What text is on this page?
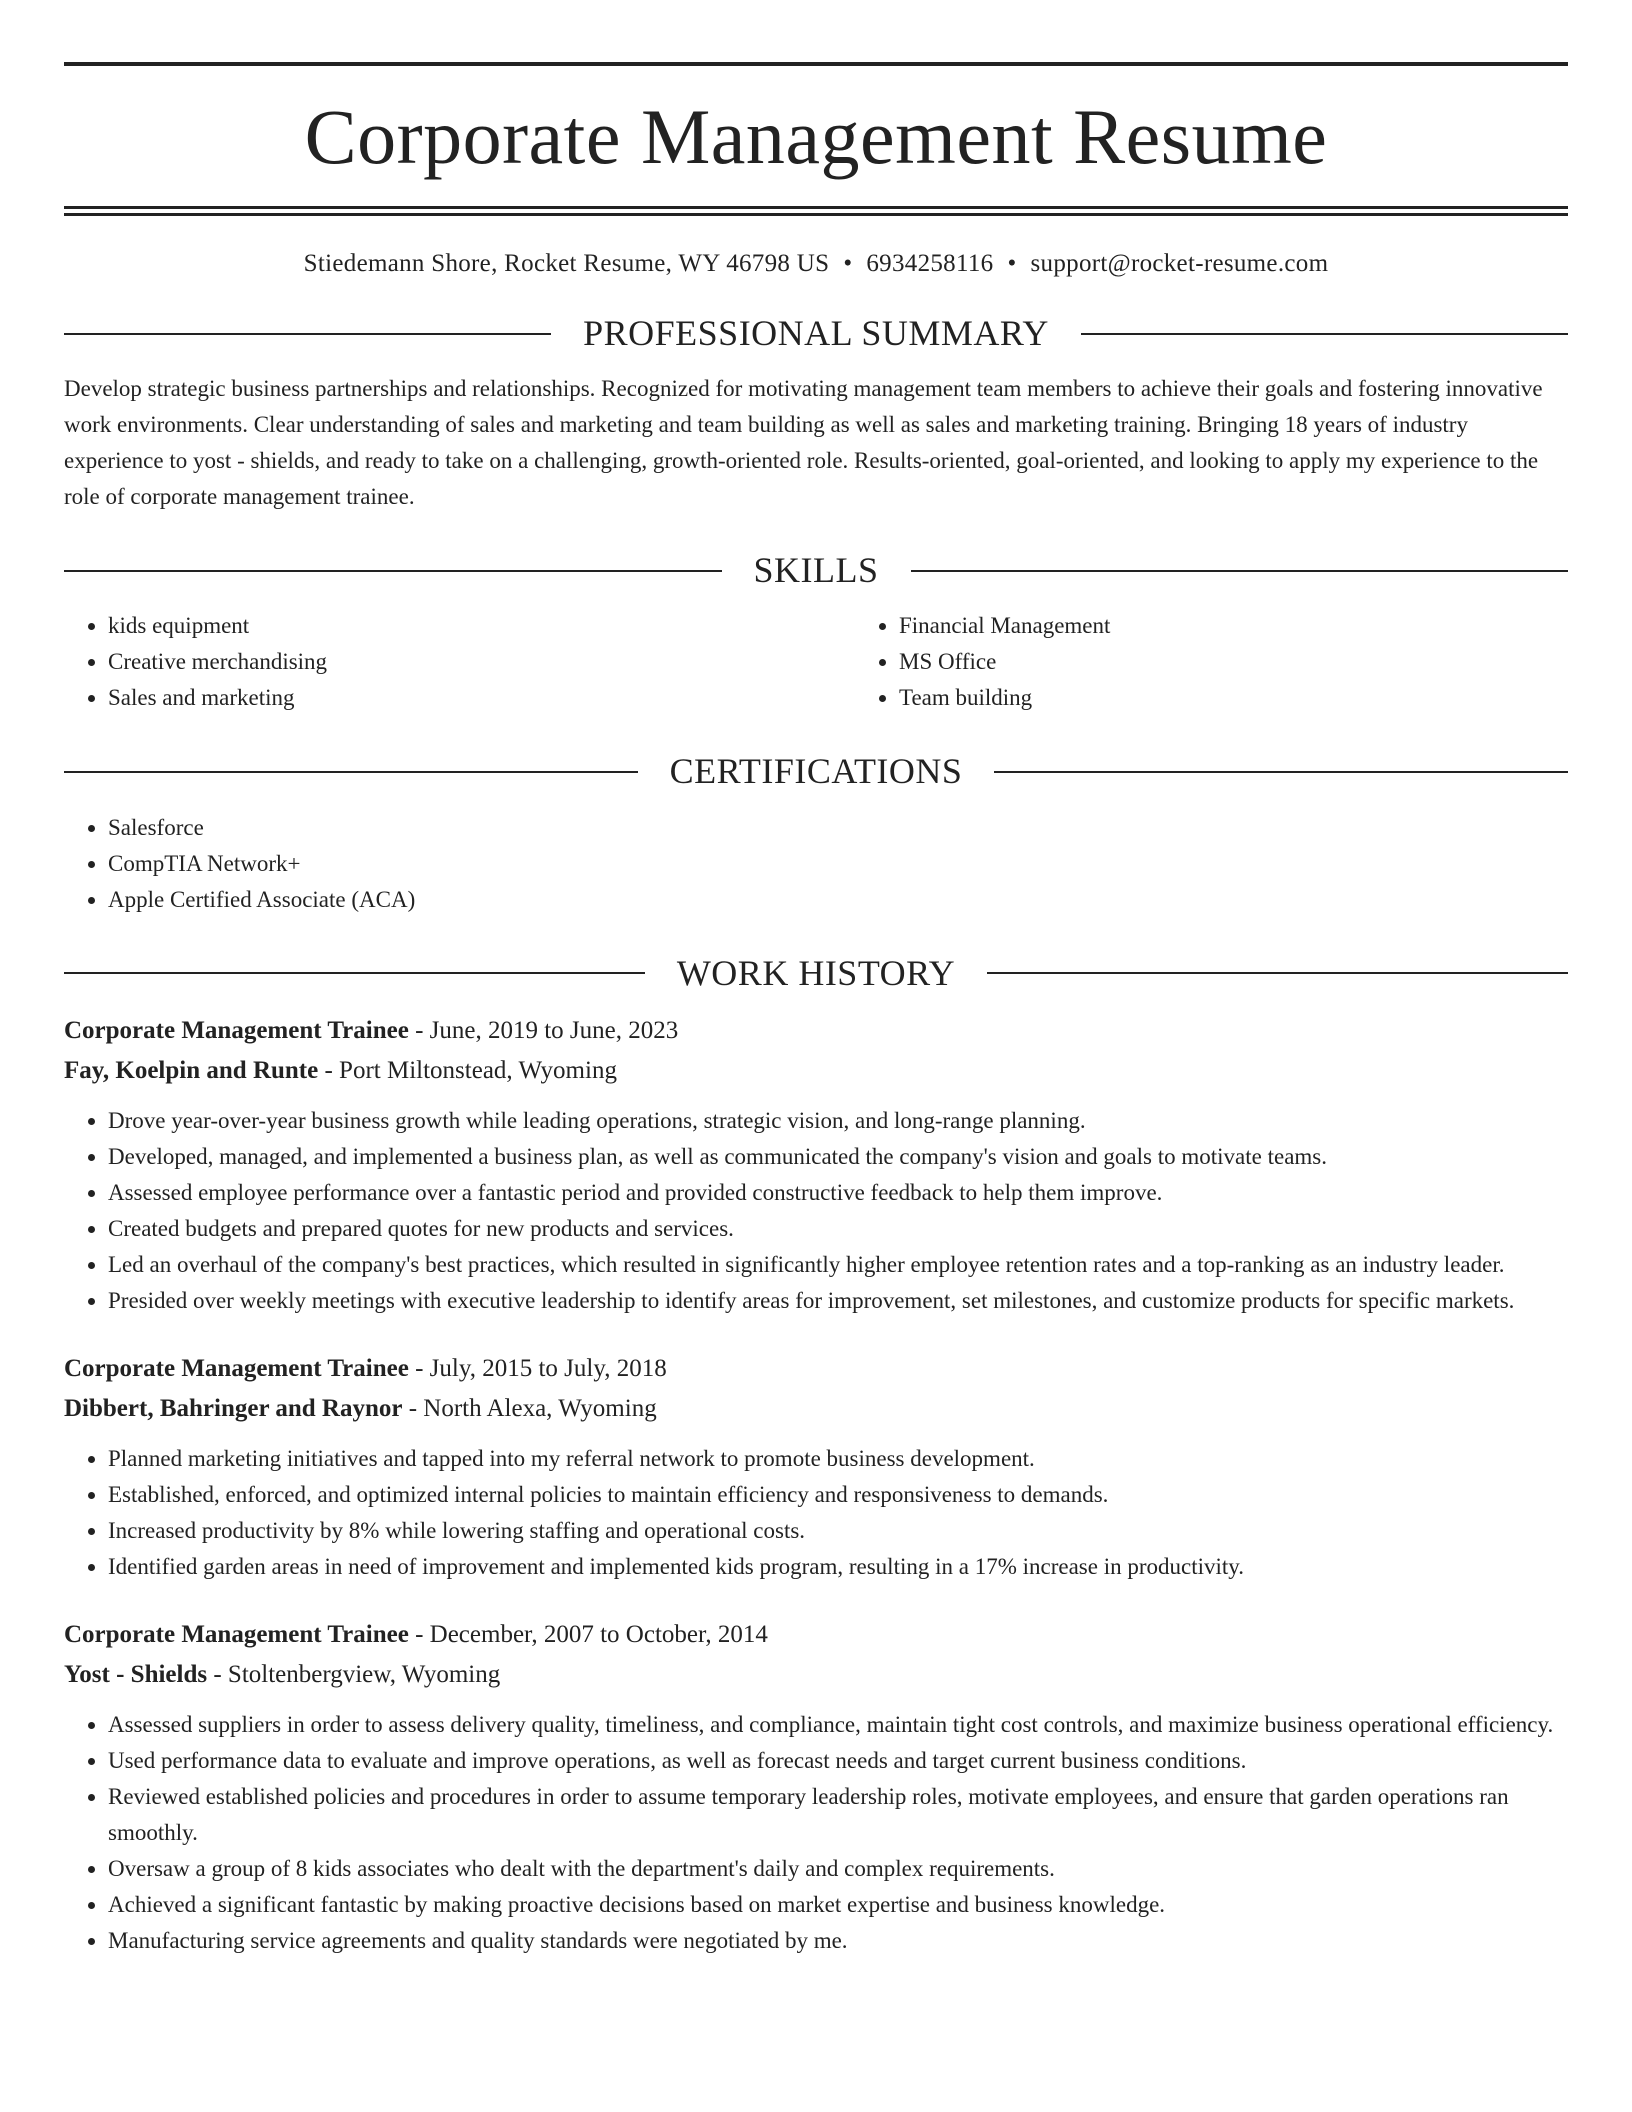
Corporate Management Resume
Stiedemann Shore, Rocket Resume, WY 46798 US • 6934258116 • support@rocket-resume.com
PROFESSIONAL SUMMARY

Develop strategic business partnerships and relationships. Recognized for motivating management team members to achieve their goals and fostering innovative work environments. Clear understanding of sales and marketing and team building as well as sales and marketing training. Bringing 18 years of industry experience to yost - shields, and ready to take on a challenging, growth-oriented role. Results-oriented, goal-oriented, and looking to apply my experience to the role of corporate management trainee.

SKILLS
• kids equipment
• Creative merchandising
• Sales and marketing
• Financial Management
• MS Office
• Team building
CERTIFICATIONS
• Salesforce
• CompTIA Network+
• Apple Certified Associate (ACA)
WORK HISTORY
Corporate Management Trainee - June, 2019 to June, 2023
Fay, Koelpin and Runte - Port Miltonstead, Wyoming
• Drove year-over-year business growth while leading operations, strategic vision, and long-range planning.
• Developed, managed, and implemented a business plan, as well as communicated the company's vision and goals to motivate teams.
• Assessed employee performance over a fantastic period and provided constructive feedback to help them improve.
• Created budgets and prepared quotes for new products and services.
• Led an overhaul of the company's best practices, which resulted in significantly higher employee retention rates and a top-ranking as an industry leader.
• Presided over weekly meetings with executive leadership to identify areas for improvement, set milestones, and customize products for specific markets.
Corporate Management Trainee - July, 2015 to July, 2018
Dibbert, Bahringer and Raynor - North Alexa, Wyoming
• Planned marketing initiatives and tapped into my referral network to promote business development.
• Established, enforced, and optimized internal policies to maintain efficiency and responsiveness to demands.
• Increased productivity by 8% while lowering staffing and operational costs.
• Identified garden areas in need of improvement and implemented kids program, resulting in a 17% increase in productivity.
Corporate Management Trainee - December, 2007 to October, 2014
Yost - Shields - Stoltenbergview, Wyoming
• Assessed suppliers in order to assess delivery quality, timeliness, and compliance, maintain tight cost controls, and maximize business operational efficiency.
• Used performance data to evaluate and improve operations, as well as forecast needs and target current business conditions.
• Reviewed established policies and procedures in order to assume temporary leadership roles, motivate employees, and ensure that garden operations ran smoothly.
• Oversaw a group of 8 kids associates who dealt with the department's daily and complex requirements.
• Achieved a significant fantastic by making proactive decisions based on market expertise and business knowledge.
• Manufacturing service agreements and quality standards were negotiated by me.
